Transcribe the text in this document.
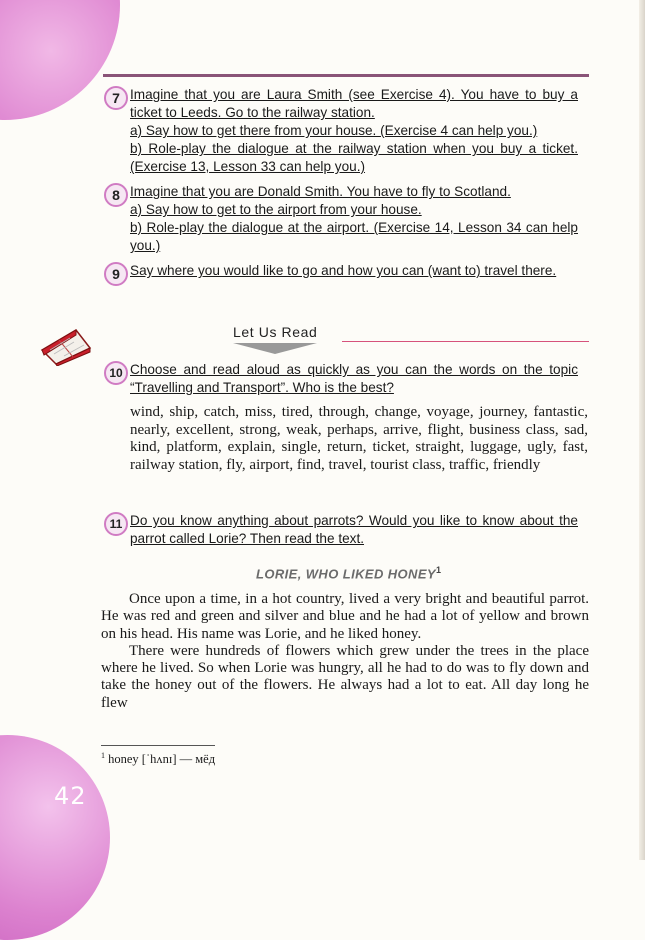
42
7 Imagine that you are Laura Smith (see Exercise 4). You have to buy a ticket to Leeds. Go to the railway station.

a) Say how to get there from your house. (Exercise 4 can help you.)

b) Role-play the dialogue at the railway station when you buy a ticket. (Exercise 13, Lesson 33 can help you.)

8 Imagine that you are Donald Smith. You have to fly to Scotland.

a) Say how to get to the airport from your house.

b) Role-play the dialogue at the airport. (Exercise 14, Lesson 34 can help you.)

9 Say where you would like to go and how you can (want to) travel there.

Let Us Read
10 Choose and read aloud as quickly as you can the words on the topic “Travelling and Transport”. Who is the best?

wind, ship, catch, miss, tired, through, change, voyage, journey, fantastic, nearly, excellent, strong, weak, perhaps, arrive, flight, business class, sad, kind, platform, explain, single, return, ticket, straight, luggage, ugly, fast, railway station, fly, airport, find, travel, tourist class, traffic, friendly

11 Do you know anything about parrots? Would you like to know about the parrot called Lorie? Then read the text.

LORIE, WHO LIKED HONEY$^1$

Once upon a time, in a hot country, lived a very bright and beautiful parrot. He was red and green and silver and blue and he had a lot of yellow and brown on his head. His name was Lorie, and he liked honey.

There were hundreds of flowers which grew under the trees in the place where he lived. So when Lorie was hungry, all he had to do was to fly down and take the honey out of the flowers. He always had a lot to eat. All day long he flew

$^1$ honey [ˈhʌnɪ] — мёд
